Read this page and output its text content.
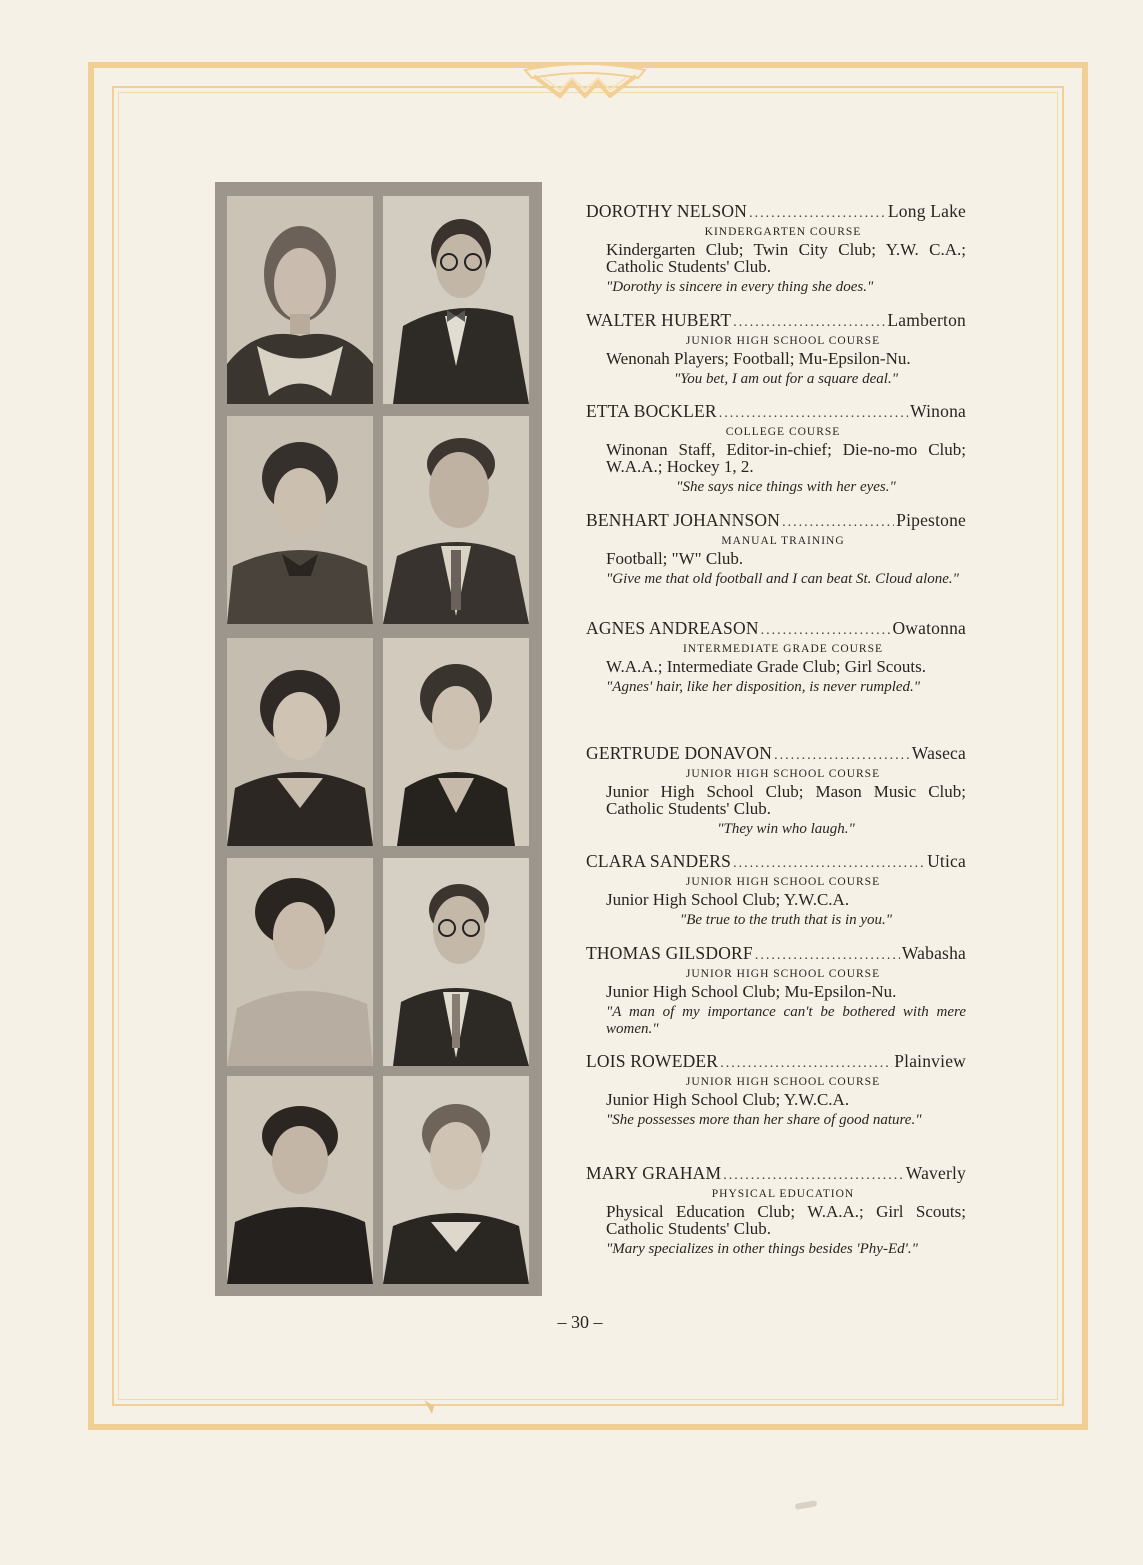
DOROTHY NELSON .....	Long Lake
KINDERGARTEN COURSE
Kindergarten Club; Twin City Club; Y.W. C.A.; Catholic Students' Club.
"Dorothy is sincere in every thing she does."
WALTER HUBERT .....	Lamberton
JUNIOR HIGH SCHOOL COURSE
Wenonah Players; Football; Mu-Epsilon-Nu.
"You bet, I am out for a square deal."
ETTA BOCKLER .....	Winona
COLLEGE COURSE
Winonan Staff, Editor-in-chief; Die-no-mo Club; W.A.A.; Hockey 1, 2.
"She says nice things with her eyes."
BENHART JOHANNSON .....	Pipestone
MANUAL TRAINING
Football; "W" Club.
"Give me that old football and I can beat St. Cloud alone."
AGNES ANDREASON .....	Owatonna
INTERMEDIATE GRADE COURSE
W.A.A.; Intermediate Grade Club; Girl Scouts.
"Agnes' hair, like her disposition, is never rumpled."
GERTRUDE DONAVON .....	Waseca
JUNIOR HIGH SCHOOL COURSE
Junior High School Club; Mason Music Club; Catholic Students' Club.
"They win who laugh."
CLARA SANDERS .....	Utica
JUNIOR HIGH SCHOOL COURSE
Junior High School Club; Y.W.C.A.
"Be true to the truth that is in you."
THOMAS GILSDORF .....	Wabasha
JUNIOR HIGH SCHOOL COURSE
Junior High School Club; Mu-Epsilon-Nu.
"A man of my importance can't be bothered with mere women."
LOIS ROWEDER .....	Plainview
JUNIOR HIGH SCHOOL COURSE
Junior High School Club; Y.W.C.A.
"She possesses more than her share of good nature."
MARY GRAHAM .....	Waverly
PHYSICAL EDUCATION
Physical Education Club; W.A.A.; Girl Scouts; Catholic Students' Club.
"Mary specializes in other things besides 'Phy-Ed'."
– 30 –
